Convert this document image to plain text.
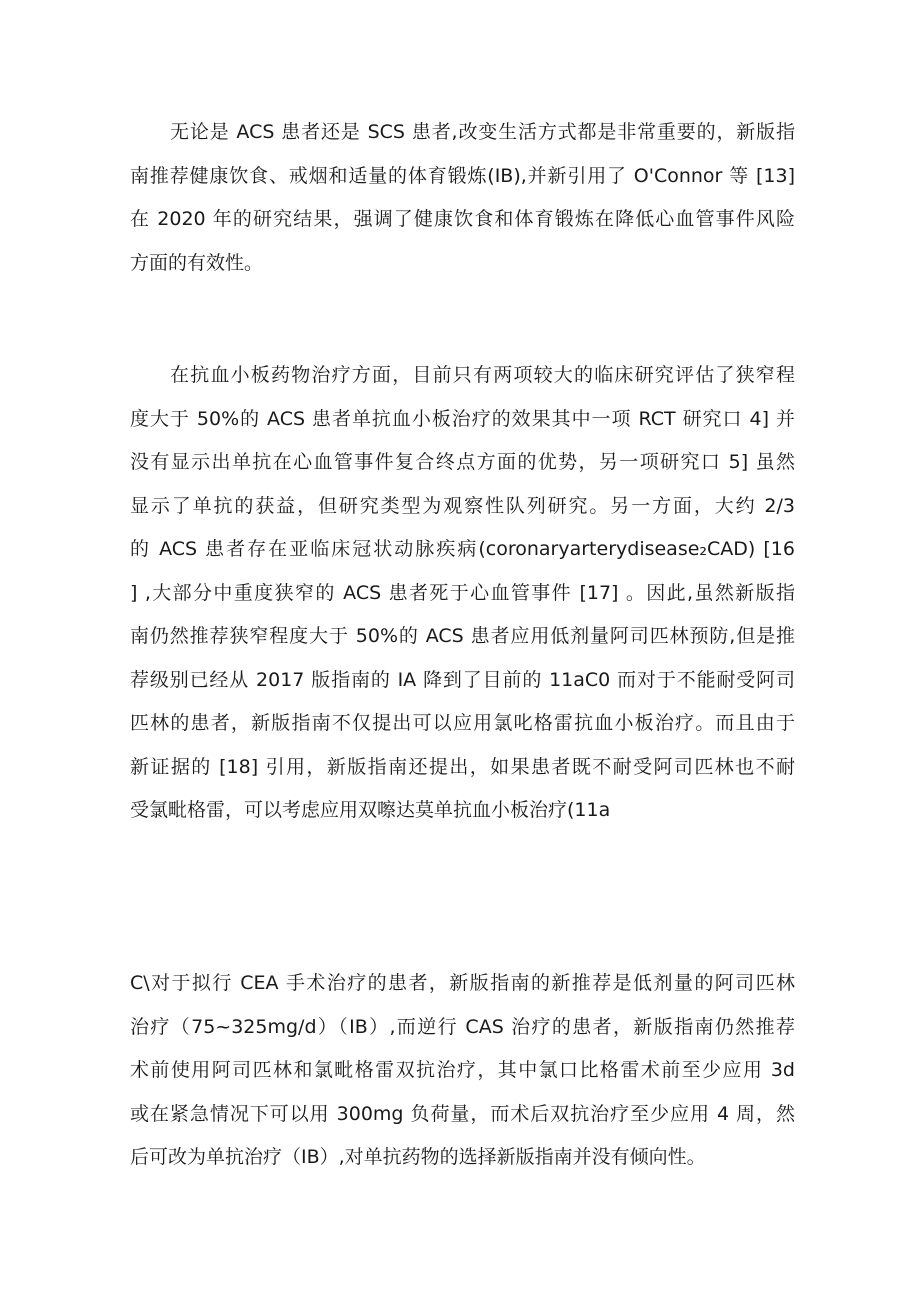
无论是 ACS 患者还是 SCS 患者,改变生活方式都是非常重要的，新版指
南推荐健康饮食、戒烟和适量的体育锻炼(IB),并新引用了 O'Connor 等 [13]
在 2020 年的研究结果，强调了健康饮食和体育锻炼在降低心血管事件风险
方面的有效性。
在抗血小板药物治疗方面，目前只有两项较大的临床研究评估了狭窄程
度大于 50%的 ACS 患者单抗血小板治疗的效果其中一项 RCT 研究口 4] 并
没有显示出单抗在心血管事件复合终点方面的优势，另一项研究口 5] 虽然
显示了单抗的获益，但研究类型为观察性队列研究。另一方面，大约 2/3
的 ACS 患者存在亚临床冠状动脉疾病(coronaryarterydisease₂CAD) [16
] ,大部分中重度狭窄的 ACS 患者死于心血管事件 [17] 。因此,虽然新版指
南仍然推荐狭窄程度大于 50%的 ACS 患者应用低剂量阿司匹林预防,但是推
荐级别已经从 2017 版指南的 IA 降到了目前的 11aC0 而对于不能耐受阿司
匹林的患者，新版指南不仅提出可以应用氯叱格雷抗血小板治疗。而且由于
新证据的 [18] 引用，新版指南还提出，如果患者既不耐受阿司匹林也不耐
受氯毗格雷，可以考虑应用双嚓达莫单抗血小板治疗(11a
C\对于拟行 CEA 手术治疗的患者，新版指南的新推荐是低剂量的阿司匹林
治疗（75~325mg/d）（IB）,而逆行 CAS 治疗的患者，新版指南仍然推荐
术前使用阿司匹林和氯毗格雷双抗治疗，其中氯口比格雷术前至少应用 3d
或在紧急情况下可以用 300mg 负荷量，而术后双抗治疗至少应用 4 周，然
后可改为单抗治疗（IB）,对单抗药物的选择新版指南并没有倾向性。
